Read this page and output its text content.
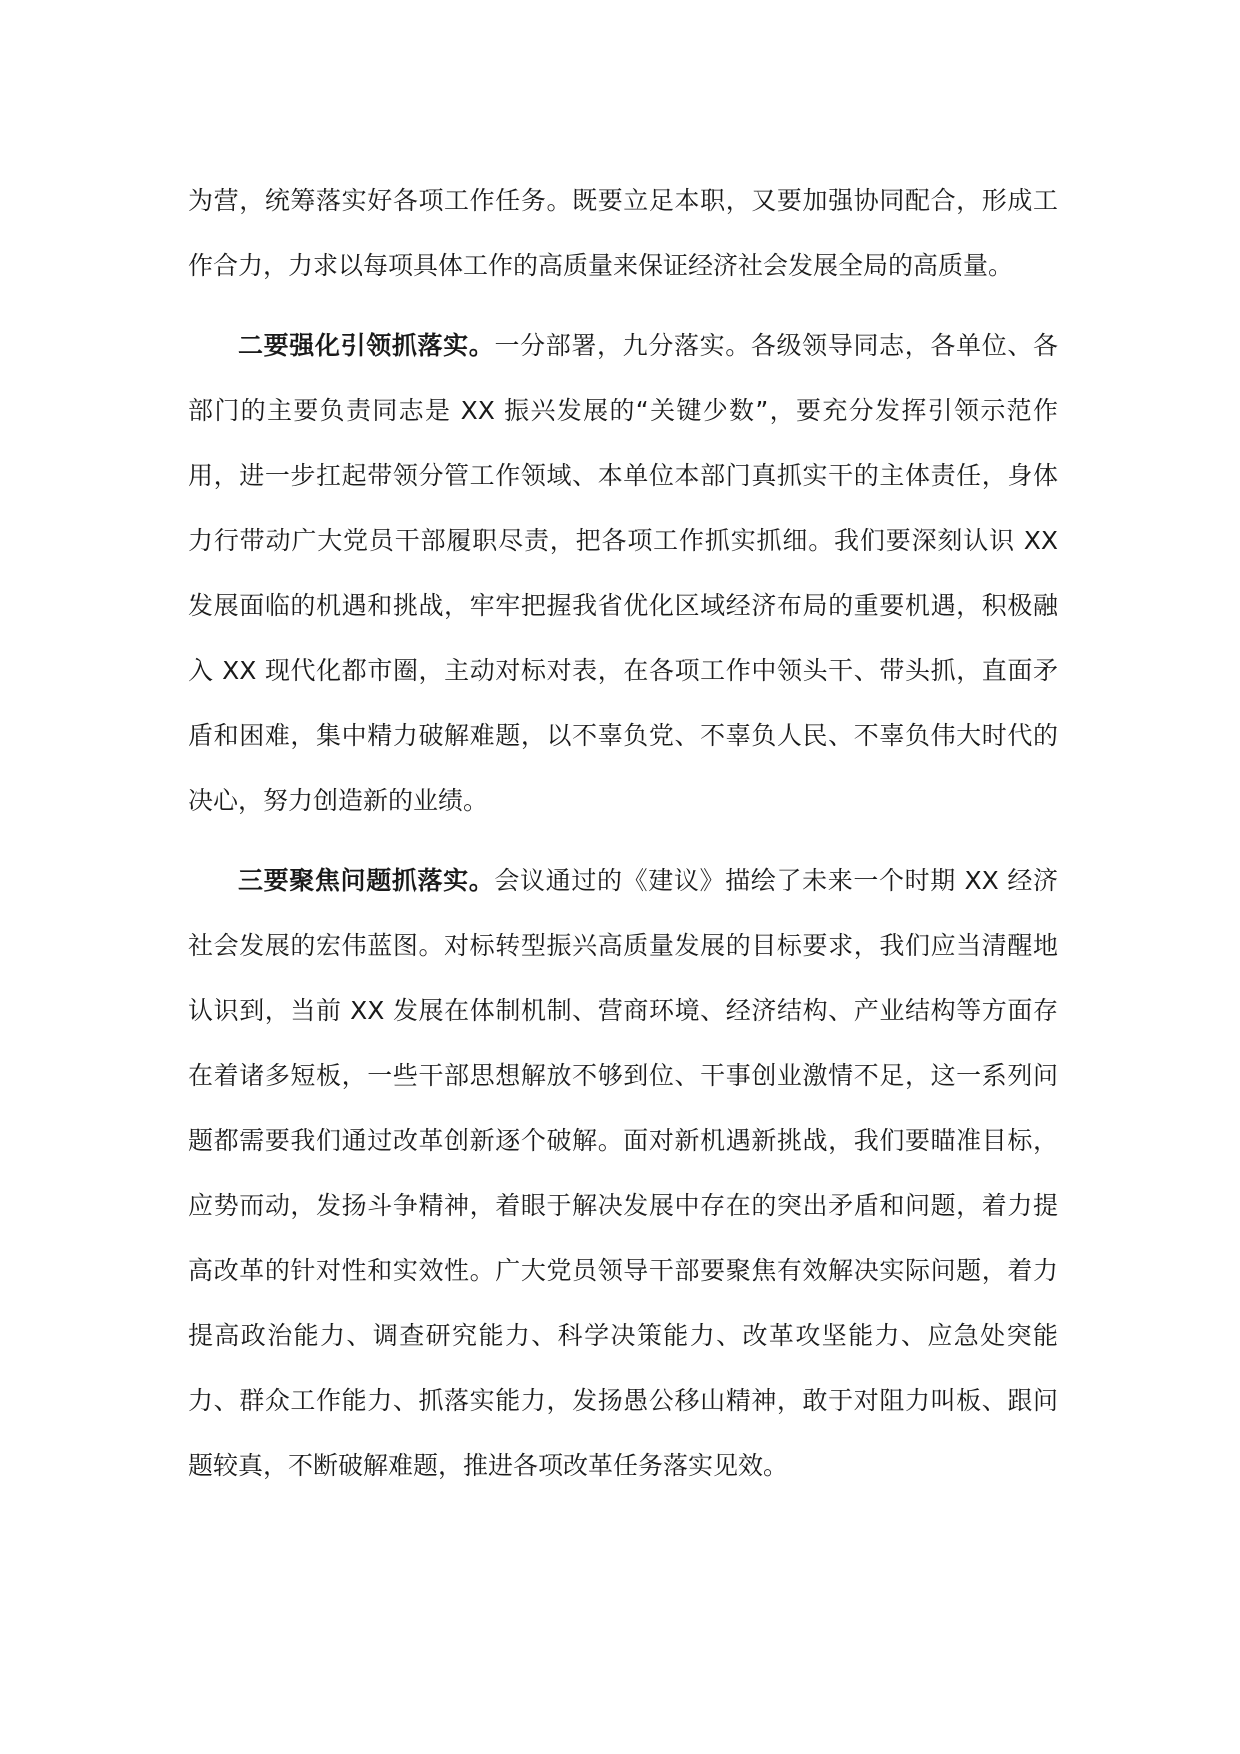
为营，统筹落实好各项工作任务。既要立足本职，又要加强协同配合，形成工作合力，力求以每项具体工作的高质量来保证经济社会发展全局的高质量。

二要强化引领抓落实。一分部署，九分落实。各级领导同志，各单位、各部门的主要负责同志是 XX 振兴发展的“关键少数”，要充分发挥引领示范作用，进一步扛起带领分管工作领域、本单位本部门真抓实干的主体责任，身体力行带动广大党员干部履职尽责，把各项工作抓实抓细。我们要深刻认识 XX 发展面临的机遇和挑战，牢牢把握我省优化区域经济布局的重要机遇，积极融入 XX 现代化都市圈，主动对标对表，在各项工作中领头干、带头抓，直面矛盾和困难，集中精力破解难题，以不辜负党、不辜负人民、不辜负伟大时代的决心，努力创造新的业绩。

三要聚焦问题抓落实。会议通过的《建议》描绘了未来一个时期 XX 经济社会发展的宏伟蓝图。对标转型振兴高质量发展的目标要求，我们应当清醒地认识到，当前 XX 发展在体制机制、营商环境、经济结构、产业结构等方面存在着诸多短板，一些干部思想解放不够到位、干事创业激情不足，这一系列问题都需要我们通过改革创新逐个破解。面对新机遇新挑战，我们要瞄准目标，应势而动，发扬斗争精神，着眼于解决发展中存在的突出矛盾和问题，着力提高改革的针对性和实效性。广大党员领导干部要聚焦有效解决实际问题，着力提高政治能力、调查研究能力、科学决策能力、改革攻坚能力、应急处突能力、群众工作能力、抓落实能力，发扬愚公移山精神，敢于对阻力叫板、跟问题较真，不断破解难题，推进各项改革任务落实见效。
